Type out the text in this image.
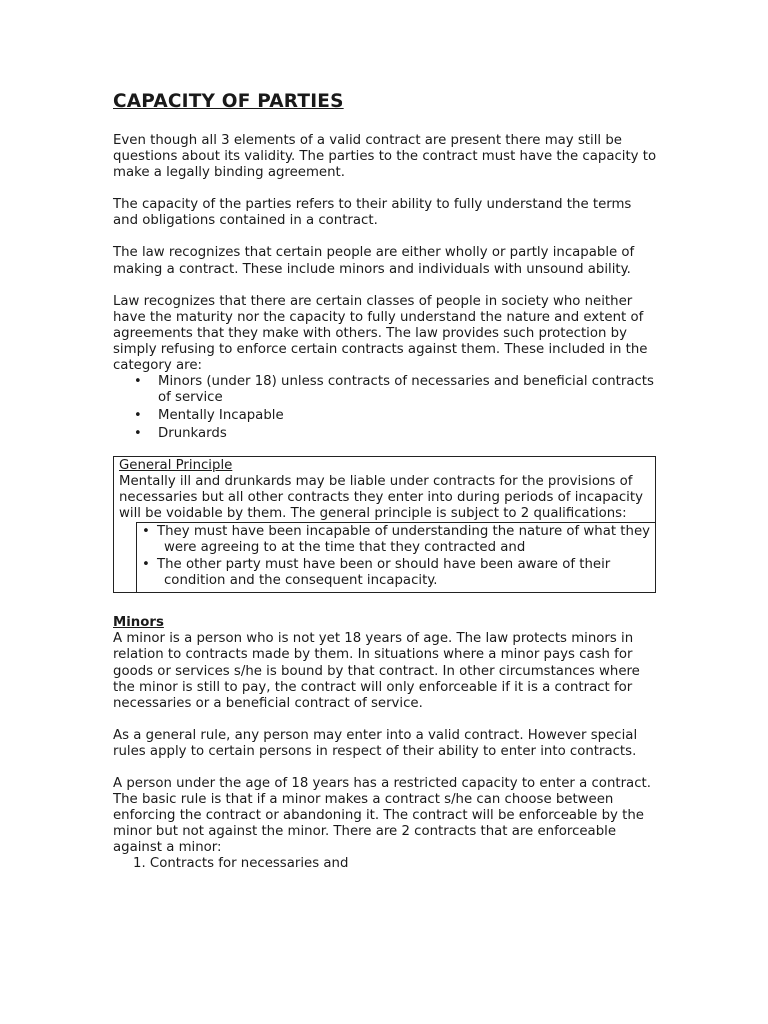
CAPACITY OF PARTIES

Even though all 3 elements of a valid contract are present there may still be questions about its validity. The parties to the contract must have the capacity to make a legally binding agreement.

The capacity of the parties refers to their ability to fully understand the terms and obligations contained in a contract.

The law recognizes that certain people are either wholly or partly incapable of making a contract. These include minors and individuals with unsound ability.

Law recognizes that there are certain classes of people in society who neither have the maturity nor the capacity to fully understand the nature and extent of agreements that they make with others. The law provides such protection by simply refusing to enforce certain contracts against them. These included in the category are:

• Minors (under 18) unless contracts of necessaries and beneficial contracts of service
• Mentally Incapable
• Drunkards
General Principle
Mentally ill and drunkards may be liable under contracts for the provisions of necessaries but all other contracts they enter into during periods of incapacity will be voidable by them. The general principle is subject to 2 qualifications:
• They must have been incapable of understanding the nature of what they were agreeing to at the time that they contracted and
• The other party must have been or should have been aware of their condition and the consequent incapacity.
Minors

A minor is a person who is not yet 18 years of age. The law protects minors in relation to contracts made by them. In situations where a minor pays cash for goods or services s/he is bound by that contract. In other circumstances where the minor is still to pay, the contract will only enforceable if it is a contract for necessaries or a beneficial contract of service.

As a general rule, any person may enter into a valid contract. However special rules apply to certain persons in respect of their ability to enter into contracts.

A person under the age of 18 years has a restricted capacity to enter a contract.

The basic rule is that if a minor makes a contract s/he can choose between enforcing the contract or abandoning it. The contract will be enforceable by the minor but not against the minor. There are 2 contracts that are enforceable against a minor:

1. Contracts for necessaries and
